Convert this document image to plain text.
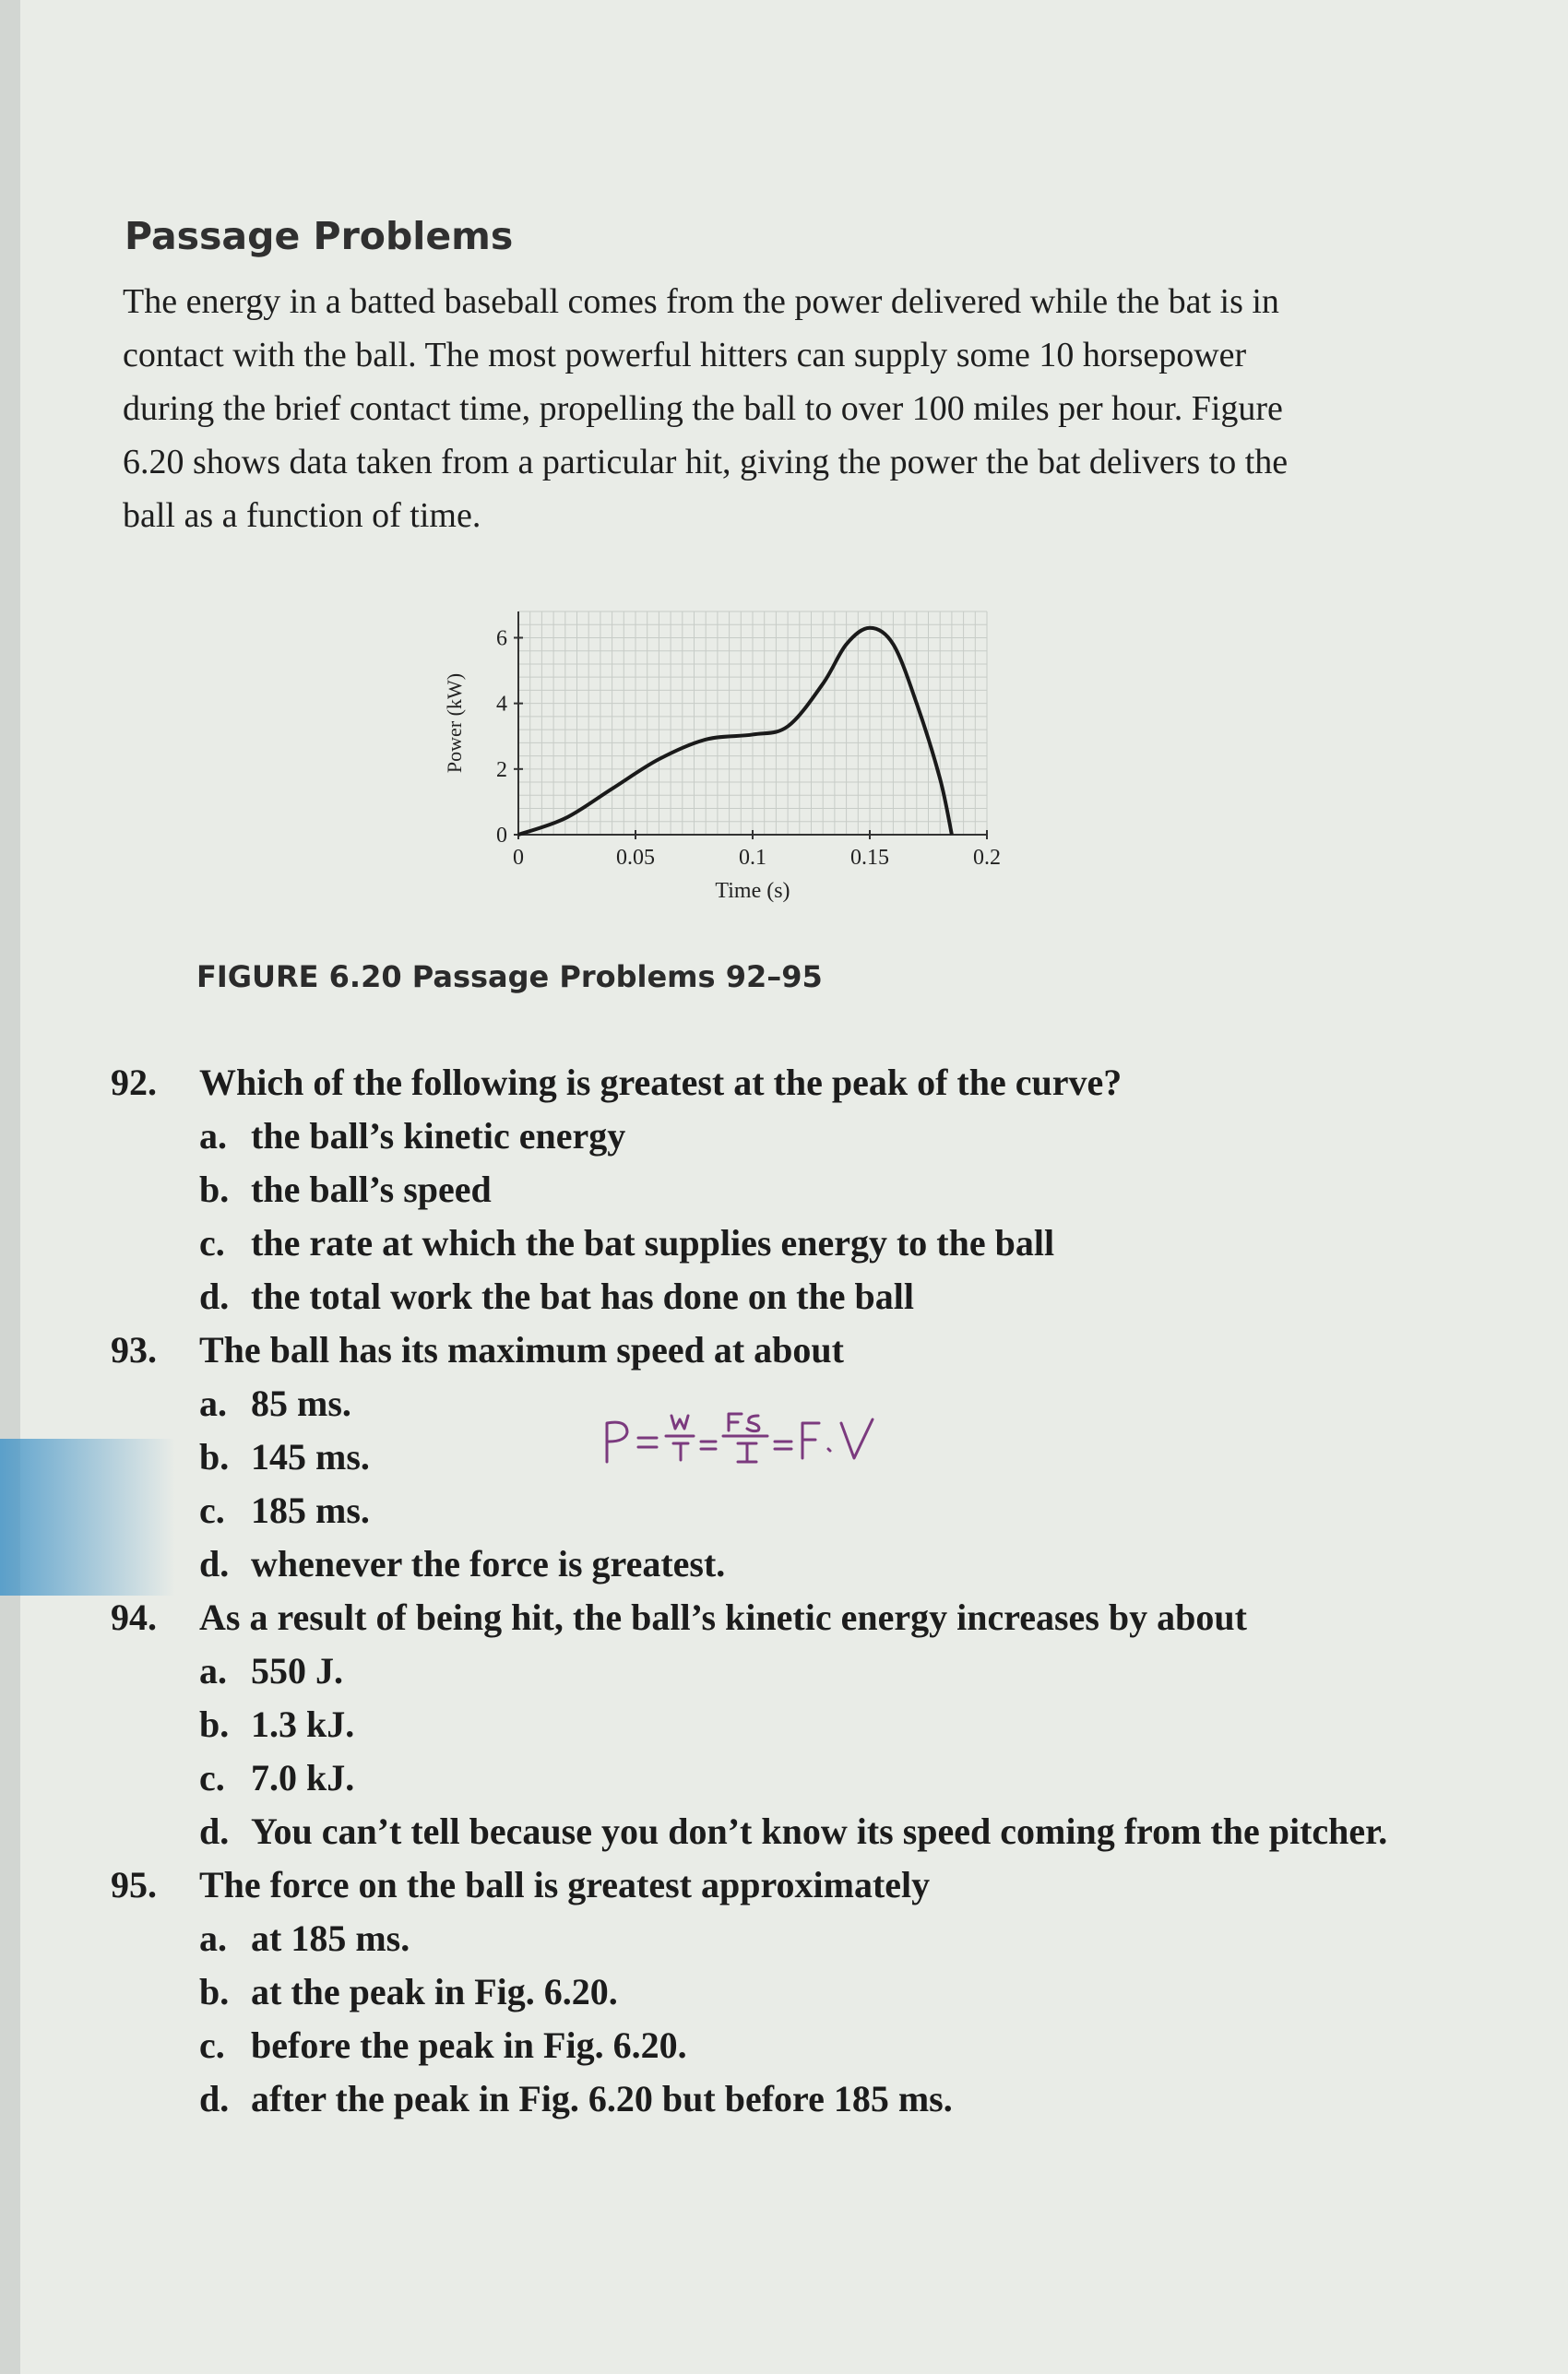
Passage Problems

The energy in a batted baseball comes from the power delivered while the bat is in contact with the ball. The most powerful hitters can supply some 10 horsepower during the brief contact time, propelling the ball to over 100 miles per hour. Figure 6.20 shows data taken from a particular hit, giving the power the bat delivers to the ball as a function of time.

0	0.05	0.1	0.15	0.2
0
2
4
6
Time (s)
Power (kW)

FIGURE 6.20 Passage Problems 92–95

92. Which of the following is greatest at the peak of the curve?
a. the ball’s kinetic energy
b. the ball’s speed
c. the rate at which the bat supplies energy to the ball
d. the total work the bat has done on the ball
93. The ball has its maximum speed at about
a. 85 ms.
b. 145 ms.
c. 185 ms.
d. whenever the force is greatest.
94. As a result of being hit, the ball’s kinetic energy increases by about
a. 550 J.
b. 1.3 kJ.
c. 7.0 kJ.
d. You can’t tell because you don’t know its speed coming from the pitcher.
95. The force on the ball is greatest approximately
a. at 185 ms.
b. at the peak in Fig. 6.20.
c. before the peak in Fig. 6.20.
d. after the peak in Fig. 6.20 but before 185 ms.
